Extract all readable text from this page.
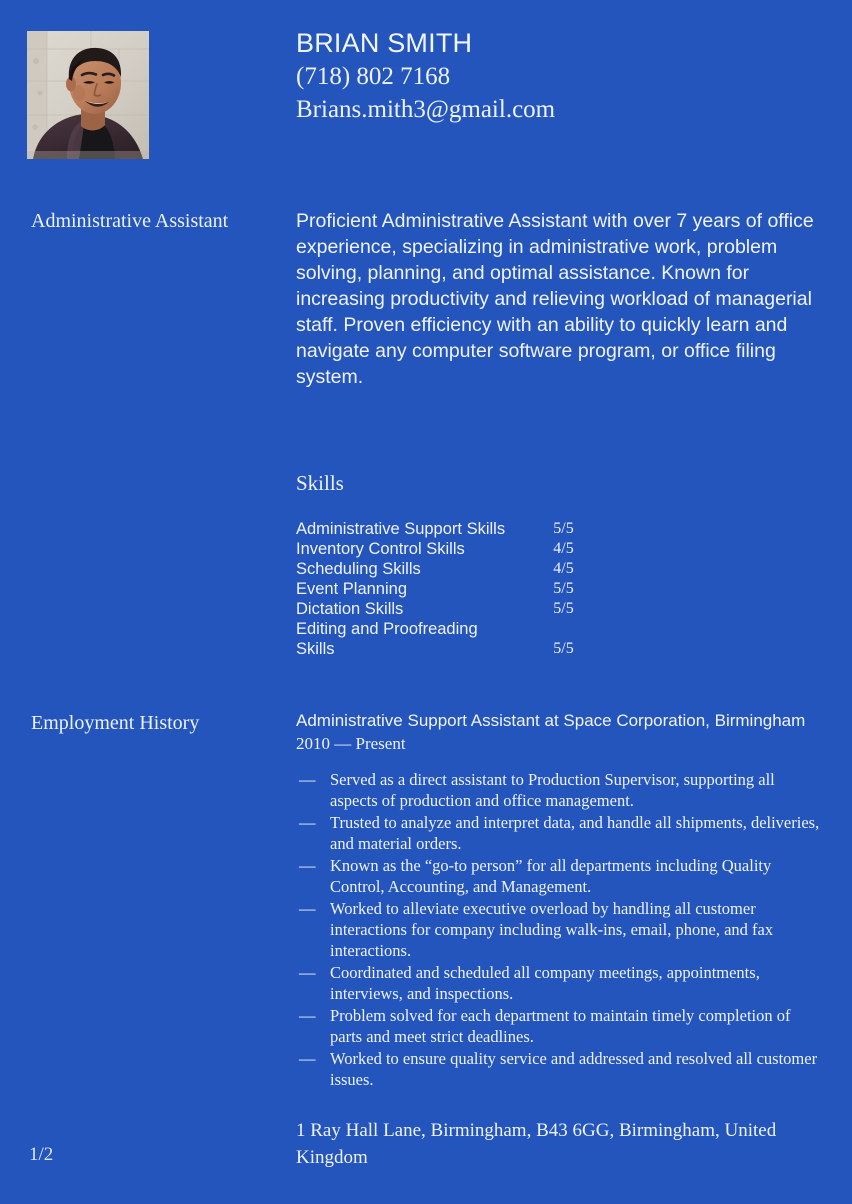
BRIAN SMITH
(718) 802 7168
Brians.mith3@gmail.com
Administrative Assistant	Proficient Administrative Assistant with over 7 years of office experience, specializing in administrative work, problem solving, planning, and optimal assistance. Known for increasing productivity and relieving workload of managerial staff. Proven efficiency with an ability to quickly learn and navigate any computer software program, or office filing system.
Skills
Administrative Support Skills	5/5
Inventory Control Skills	4/5
Scheduling Skills	4/5
Event Planning	5/5
Dictation Skills	5/5
Editing and Proofreading	
Skills	5/5
Employment History	Administrative Support Assistant at Space Corporation, Birmingham
2010 — Present
— Served as a direct assistant to Production Supervisor, supporting all aspects of production and office management.
— Trusted to analyze and interpret data, and handle all shipments, deliveries, and material orders.
— Known as the “go-to person” for all departments including Quality Control, Accounting, and Management.
— Worked to alleviate executive overload by handling all customer interactions for company including walk-ins, email, phone, and fax interactions.
— Coordinated and scheduled all company meetings, appointments, interviews, and inspections.
— Problem solved for each department to maintain timely completion of parts and meet strict deadlines.
— Worked to ensure quality service and addressed and resolved all customer issues.
1 Ray Hall Lane, Birmingham, B43 6GG, Birmingham, United Kingdom
1/2
